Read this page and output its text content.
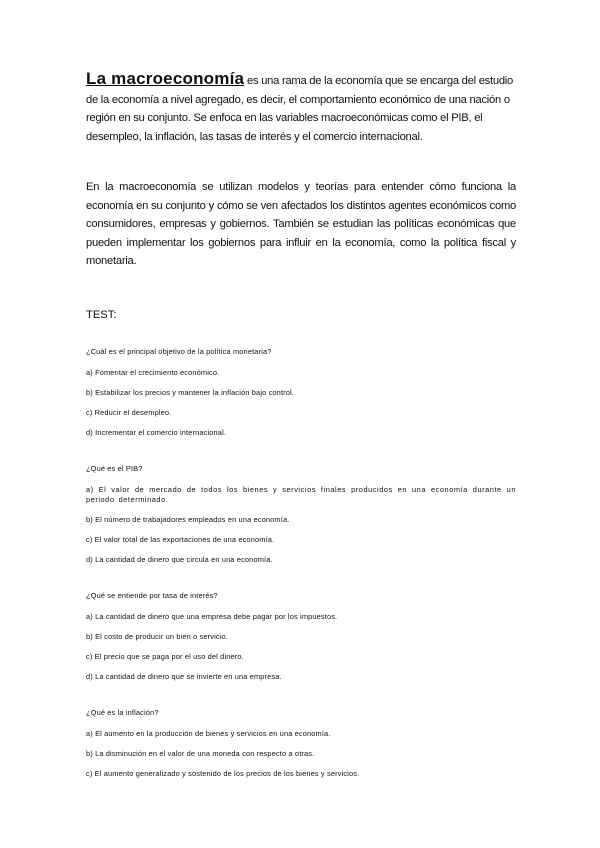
La macroeconomía es una rama de la economía que se encarga del estudio de la economía a nivel agregado, es decir, el comportamiento económico de una nación o región en su conjunto. Se enfoca en las variables macroeconómicas como el PIB, el desempleo, la inflación, las tasas de interés y el comercio internacional.

En la macroeconomía se utilizan modelos y teorías para entender cómo funciona la economía en su conjunto y cómo se ven afectados los distintos agentes económicos como consumidores, empresas y gobiernos. También se estudian las políticas económicas que pueden implementar los gobiernos para influir en la economía, como la política fiscal y monetaria.

TEST:

¿Cuál es el principal objetivo de la política monetaria?

a) Fomentar el crecimiento económico.

b) Estabilizar los precios y mantener la inflación bajo control.

c) Reducir el desempleo.

d) Incrementar el comercio internacional.

¿Qué es el PIB?

a) El valor de mercado de todos los bienes y servicios finales producidos en una economía durante un periodo determinado.

b) El número de trabajadores empleados en una economía.

c) El valor total de las exportaciones de una economía.

d) La cantidad de dinero que circula en una economía.

¿Qué se entiende por tasa de interés?

a) La cantidad de dinero que una empresa debe pagar por los impuestos.

b) El costo de producir un bien o servicio.

c) El precio que se paga por el uso del dinero.

d) La cantidad de dinero que se invierte en una empresa.

¿Qué es la inflación?

a) El aumento en la producción de bienes y servicios en una economía.

b) La disminución en el valor de una moneda con respecto a otras.

c) El aumento generalizado y sostenido de los precios de los bienes y servicios.
